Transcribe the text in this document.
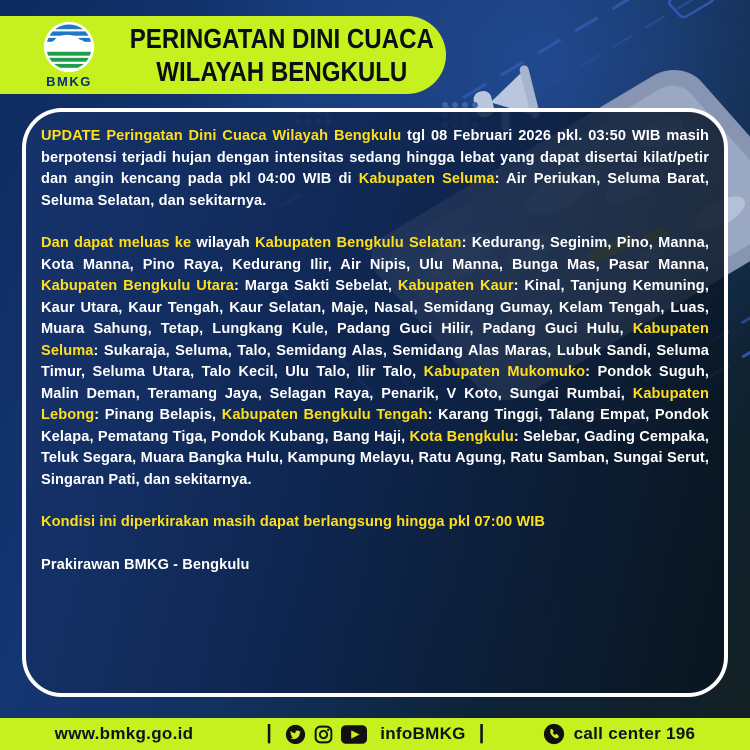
BMKG
PERINGATAN DINI CUACA
WILAYAH BENGKULU

UPDATE Peringatan Dini Cuaca Wilayah Bengkulu tgl 08 Februari 2026 pkl. 03:50 WIB masih berpotensi terjadi hujan dengan intensitas sedang hingga lebat yang dapat disertai kilat/petir dan angin kencang pada pkl 04:00 WIB di Kabupaten Seluma: Air Periukan, Seluma Barat, Seluma Selatan, dan sekitarnya.

Dan dapat meluas ke wilayah Kabupaten Bengkulu Selatan: Kedurang, Seginim, Pino, Manna, Kota Manna, Pino Raya, Kedurang Ilir, Air Nipis, Ulu Manna, Bunga Mas, Pasar Manna, Kabupaten Bengkulu Utara: Marga Sakti Sebelat, Kabupaten Kaur: Kinal, Tanjung Kemuning, Kaur Utara, Kaur Tengah, Kaur Selatan, Maje, Nasal, Semidang Gumay, Kelam Tengah, Luas, Muara Sahung, Tetap, Lungkang Kule, Padang Guci Hilir, Padang Guci Hulu, Kabupaten Seluma: Sukaraja, Seluma, Talo, Semidang Alas, Semidang Alas Maras, Lubuk Sandi, Seluma Timur, Seluma Utara, Talo Kecil, Ulu Talo, Ilir Talo, Kabupaten Mukomuko: Pondok Suguh, Malin Deman, Teramang Jaya, Selagan Raya, Penarik, V Koto, Sungai Rumbai, Kabupaten Lebong: Pinang Belapis, Kabupaten Bengkulu Tengah: Karang Tinggi, Talang Empat, Pondok Kelapa, Pematang Tiga, Pondok Kubang, Bang Haji, Kota Bengkulu: Selebar, Gading Cempaka, Teluk Segara, Muara Bangka Hulu, Kampung Melayu, Ratu Agung, Ratu Samban, Sungai Serut, Singaran Pati, dan sekitarnya.

Kondisi ini diperkirakan masih dapat berlangsung hingga pkl 07:00 WIB

Prakirawan BMKG - Bengkulu

www.bmkg.go.id	|	infoBMKG |	call center 196
